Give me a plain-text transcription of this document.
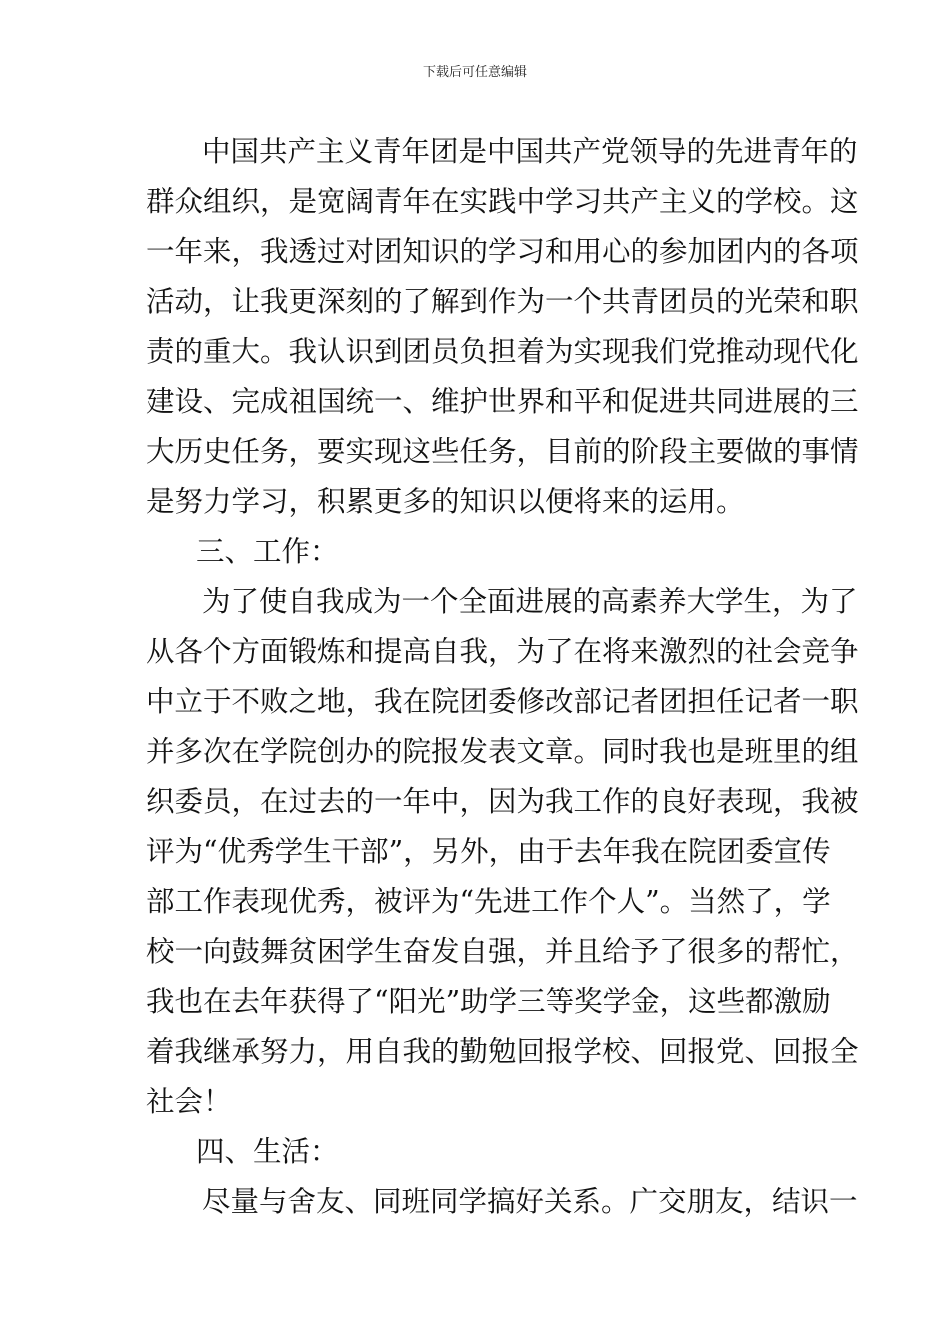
下载后可任意编辑
中国共产主义青年团是中国共产党领导的先进青年的
群众组织，是宽阔青年在实践中学习共产主义的学校。这
一年来，我透过对团知识的学习和用心的参加团内的各项
活动，让我更深刻的了解到作为一个共青团员的光荣和职
责的重大。我认识到团员负担着为实现我们党推动现代化
建设、完成祖国统一、维护世界和平和促进共同进展的三
大历史任务，要实现这些任务，目前的阶段主要做的事情
是努力学习，积累更多的知识以便将来的运用。
三、工作：
为了使自我成为一个全面进展的高素养大学生，为了
从各个方面锻炼和提高自我，为了在将来激烈的社会竞争
中立于不败之地，我在院团委修改部记者团担任记者一职
并多次在学院创办的院报发表文章。同时我也是班里的组
织委员，在过去的一年中，因为我工作的良好表现，我被
评为“优秀学生干部”，另外，由于去年我在院团委宣传
部工作表现优秀，被评为“先进工作个人”。当然了，学
校一向鼓舞贫困学生奋发自强，并且给予了很多的帮忙，
我也在去年获得了“阳光”助学三等奖学金，这些都激励
着我继承努力，用自我的勤勉回报学校、回报党、回报全
社会！
四、生活：
尽量与舍友、同班同学搞好关系。广交朋友，结识一
